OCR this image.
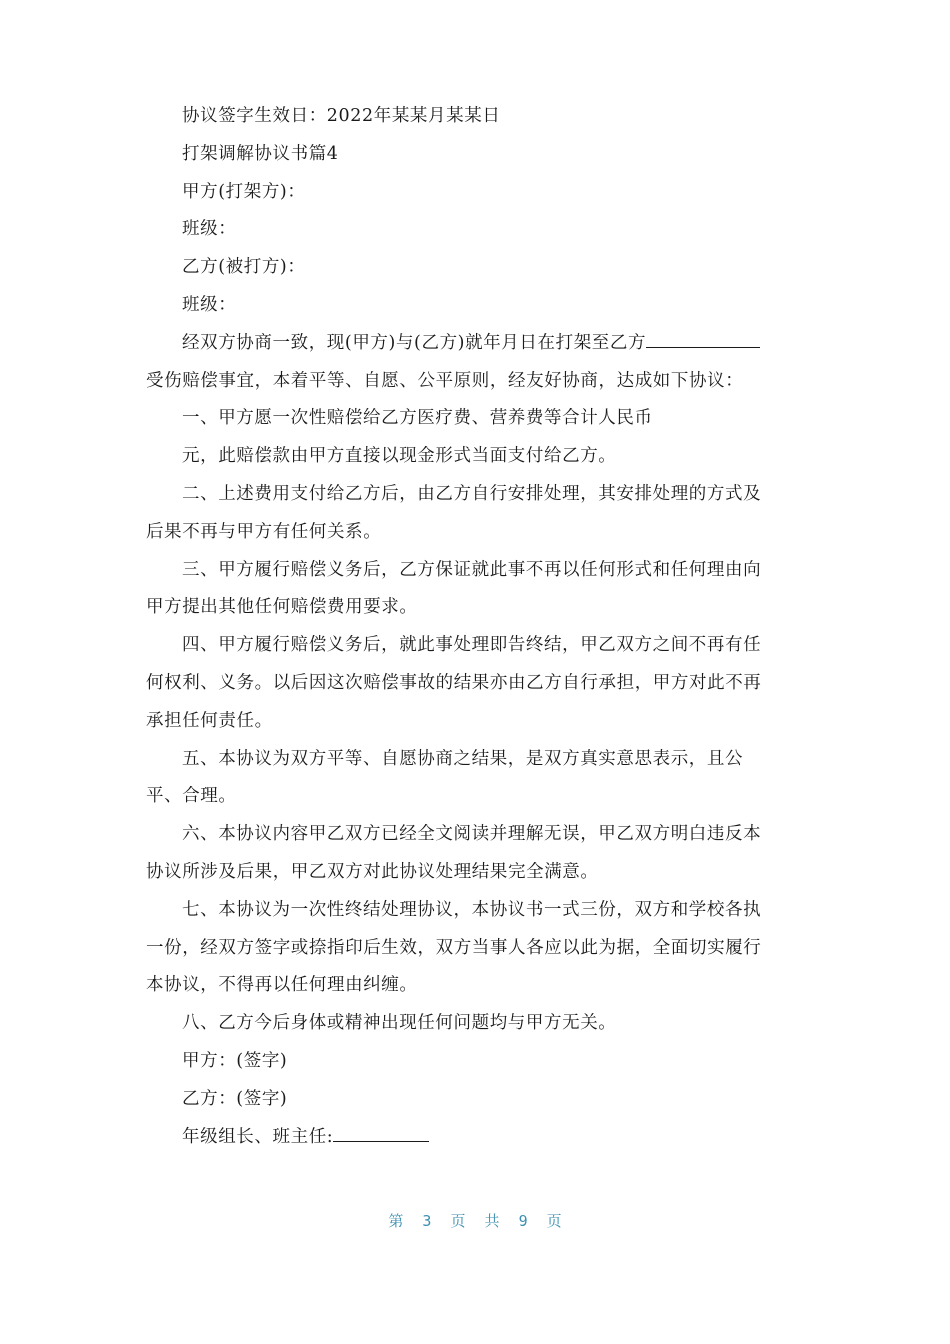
协议签字生效日：2022年某某月某某日
打架调解协议书篇4
甲方(打架方)：
班级：
乙方(被打方)：
班级：
经双方协商一致，现(甲方)与(乙方)就年月日在打架至乙方
受伤赔偿事宜，本着平等、自愿、公平原则，经友好协商，达成如下协议：
一、甲方愿一次性赔偿给乙方医疗费、营养费等合计人民币
元，此赔偿款由甲方直接以现金形式当面支付给乙方。
二、上述费用支付给乙方后，由乙方自行安排处理，其安排处理的方式及
后果不再与甲方有任何关系。
三、甲方履行赔偿义务后，乙方保证就此事不再以任何形式和任何理由向
甲方提出其他任何赔偿费用要求。
四、甲方履行赔偿义务后，就此事处理即告终结，甲乙双方之间不再有任
何权利、义务。以后因这次赔偿事故的结果亦由乙方自行承担，甲方对此不再
承担任何责任。
五、本协议为双方平等、自愿协商之结果，是双方真实意思表示，且公
平、合理。
六、本协议内容甲乙双方已经全文阅读并理解无误，甲乙双方明白违反本
协议所涉及后果，甲乙双方对此协议处理结果完全满意。
七、本协议为一次性终结处理协议，本协议书一式三份，双方和学校各执
一份，经双方签字或捺指印后生效，双方当事人各应以此为据，全面切实履行
本协议，不得再以任何理由纠缠。
八、乙方今后身体或精神出现任何问题均与甲方无关。
甲方：(签字)
乙方：(签字)
年级组长、班主任:
第 3 页 共 9 页
